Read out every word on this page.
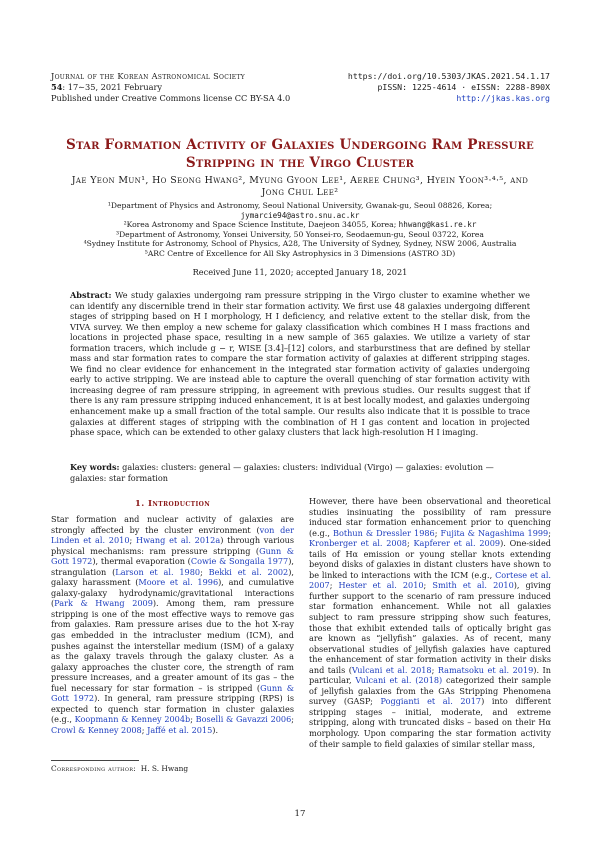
Journal of the Korean Astronomical Society
54: 17∼35, 2021 February
Published under Creative Commons license CC BY-SA 4.0
https://doi.org/10.5303/JKAS.2021.54.1.17
pISSN: 1225-4614 · eISSN: 2288-890X
http://jkas.kas.org
Star Formation Activity of Galaxies Undergoing Ram Pressure
Stripping in the Virgo Cluster
Jae Yeon Mun¹, Ho Seong Hwang², Myung Gyoon Lee¹, Aeree Chung³, Hyein Yoon³·⁴·⁵, and
Jong Chul Lee²
¹Department of Physics and Astronomy, Seoul National University, Gwanak-gu, Seoul 08826, Korea;
jymarcie94@astro.snu.ac.kr
²Korea Astronomy and Space Science Institute, Daejeon 34055, Korea; hhwang@kasi.re.kr
³Department of Astronomy, Yonsei University, 50 Yonsei-ro, Seodaemun-gu, Seoul 03722, Korea
⁴Sydney Institute for Astronomy, School of Physics, A28, The University of Sydney, Sydney, NSW 2006, Australia
⁵ARC Centre of Excellence for All Sky Astrophysics in 3 Dimensions (ASTRO 3D)
Received June 11, 2020; accepted January 18, 2021
Abstract: We study galaxies undergoing ram pressure stripping in the Virgo cluster to examine whether we can identify any discernible trend in their star formation activity. We first use 48 galaxies undergoing different stages of stripping based on H I morphology, H I deficiency, and relative extent to the stellar disk, from the VIVA survey. We then employ a new scheme for galaxy classification which combines H I mass fractions and locations in projected phase space, resulting in a new sample of 365 galaxies. We utilize a variety of star formation tracers, which include g − r, WISE [3.4]–[12] colors, and starburstiness that are defined by stellar mass and star formation rates to compare the star formation activity of galaxies at different stripping stages. We find no clear evidence for enhancement in the integrated star formation activity of galaxies undergoing early to active stripping. We are instead able to capture the overall quenching of star formation activity with increasing degree of ram pressure stripping, in agreement with previous studies. Our results suggest that if there is any ram pressure stripping induced enhancement, it is at best locally modest, and galaxies undergoing enhancement make up a small fraction of the total sample. Our results also indicate that it is possible to trace galaxies at different stages of stripping with the combination of H I gas content and location in projected phase space, which can be extended to other galaxy clusters that lack high-resolution H I imaging.
Key words: galaxies: clusters: general — galaxies: clusters: individual (Virgo) — galaxies: evolution — galaxies: star formation
1. Introduction

Star formation and nuclear activity of galaxies are strongly affected by the cluster environment (von der Linden et al. 2010; Hwang et al. 2012a) through various physical mechanisms: ram pressure stripping (Gunn & Gott 1972), thermal evaporation (Cowie & Songaila 1977), strangulation (Larson et al. 1980; Bekki et al. 2002), galaxy harassment (Moore et al. 1996), and cumulative galaxy-galaxy hydrodynamic/gravitational interactions (Park & Hwang 2009). Among them, ram pressure stripping is one of the most effective ways to remove gas from galaxies. Ram pressure arises due to the hot X-ray gas embedded in the intracluster medium (ICM), and pushes against the interstellar medium (ISM) of a galaxy as the galaxy travels through the galaxy cluster. As a galaxy approaches the cluster core, the strength of ram pressure increases, and a greater amount of its gas – the fuel necessary for star formation – is stripped (Gunn & Gott 1972). In general, ram pressure stripping (RPS) is expected to quench star formation in cluster galaxies (e.g., Koopmann & Kenney 2004b; Boselli & Gavazzi 2006; Crowl & Kenney 2008; Jaffé et al. 2015).

However, there have been observational and theoretical studies insinuating the possibility of ram pressure induced star formation enhancement prior to quenching (e.g., Bothun & Dressler 1986; Fujita & Nagashima 1999; Kronberger et al. 2008; Kapferer et al. 2009). One-sided tails of Hα emission or young stellar knots extending beyond disks of galaxies in distant clusters have shown to be linked to interactions with the ICM (e.g., Cortese et al. 2007; Hester et al. 2010; Smith et al. 2010), giving further support to the scenario of ram pressure induced star formation enhancement. While not all galaxies subject to ram pressure stripping show such features, those that exhibit extended tails of optically bright gas are known as “jellyfish” galaxies. As of recent, many observational studies of jellyfish galaxies have captured the enhancement of star formation activity in their disks and tails (Vulcani et al. 2018; Ramatsoku et al. 2019). In particular, Vulcani et al. (2018) categorized their sample of jellyfish galaxies from the GAs Stripping Phenomena survey (GASP; Poggianti et al. 2017) into different stripping stages – initial, moderate, and extreme stripping, along with truncated disks – based on their Hα morphology. Upon comparing the star formation activity of their sample to field galaxies of similar stellar mass,

Corresponding author: H. S. Hwang
17
